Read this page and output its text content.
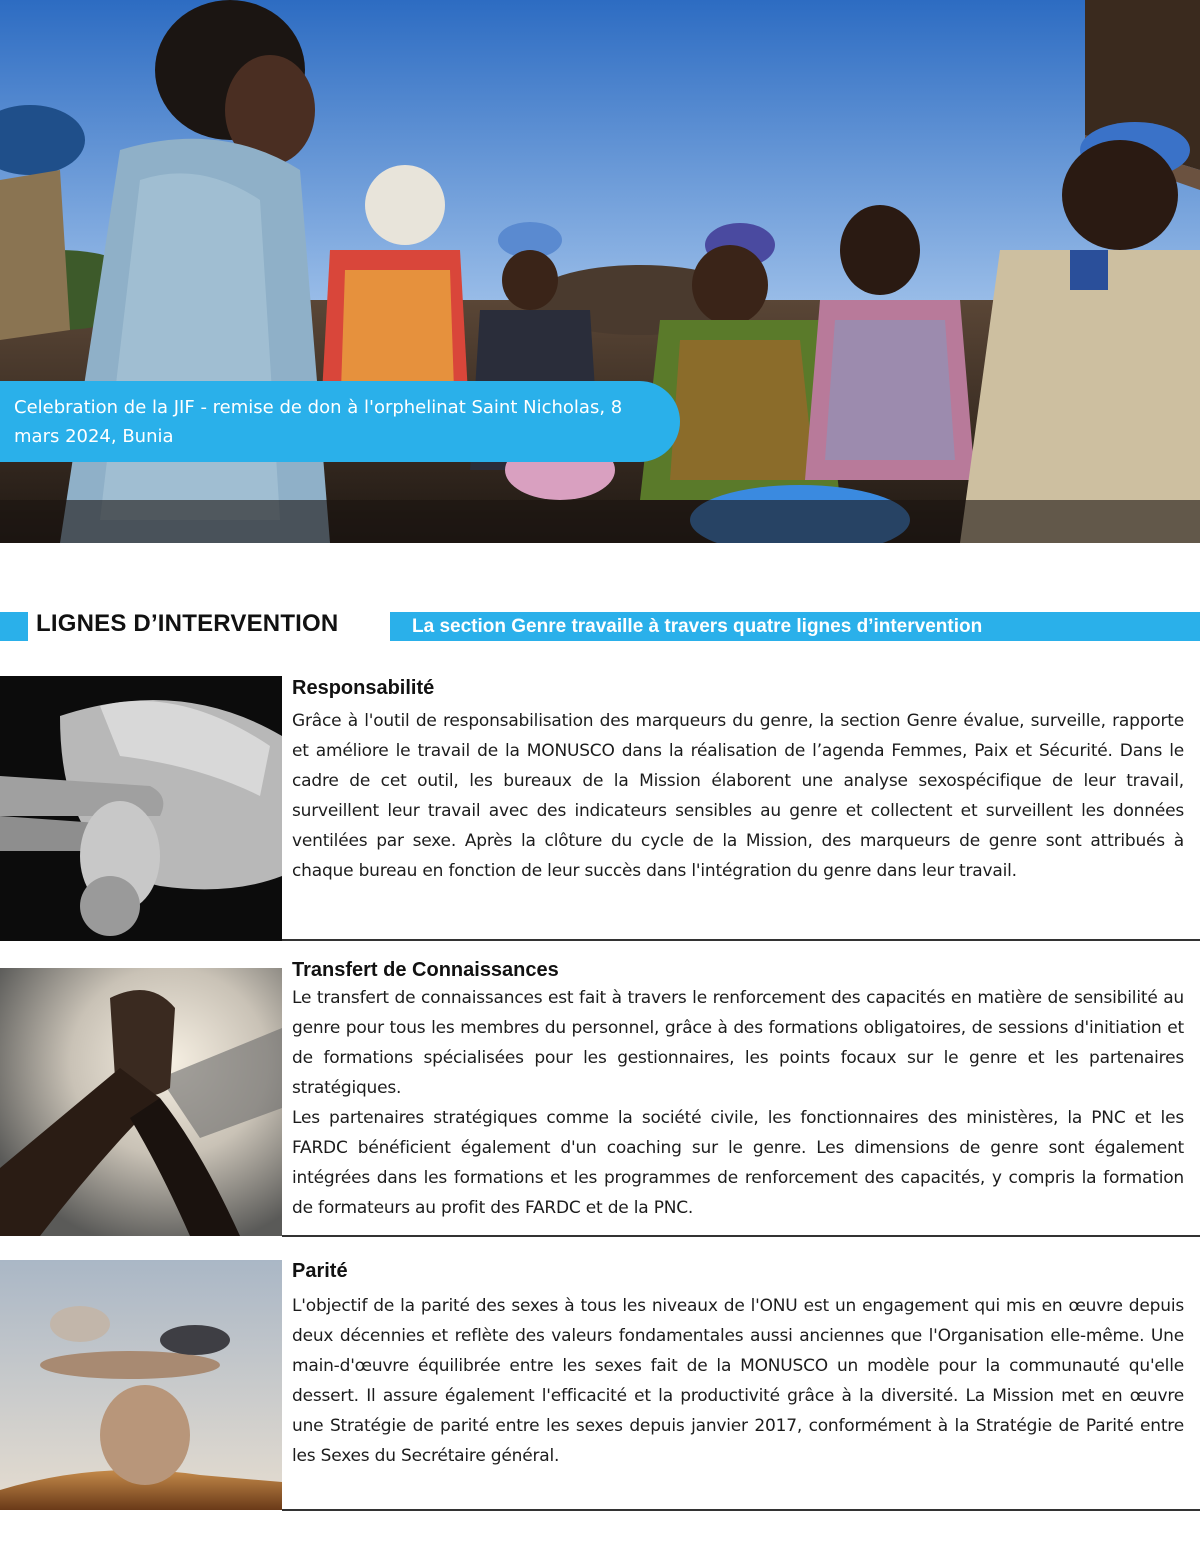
Celebration de la JIF - remise de don à l'orphelinat Saint Nicholas, 8 mars 2024, Bunia

LIGNES D’INTERVENTION	La section Genre travaille à travers quatre lignes d’intervention
Responsabilité

Grâce à l'outil de responsabilisation des marqueurs du genre, la section Genre évalue, surveille, rapporte et améliore le travail de la MONUSCO dans la réalisation de l’agenda Femmes, Paix et Sécurité. Dans le cadre de cet outil, les bureaux de la Mission élaborent une analyse sexospécifique de leur travail, surveillent leur travail avec des indicateurs sensibles au genre et collectent et surveillent les données ventilées par sexe. Après la clôture du cycle de la Mission, des marqueurs de genre sont attribués à chaque bureau en fonction de leur succès dans l'intégration du genre dans leur travail.

Transfert de Connaissances

Le transfert de connaissances est fait à travers le renforcement des capacités en matière de sensibilité au genre pour tous les membres du personnel, grâce à des formations obligatoires, de sessions d'initiation et de formations spécialisées pour les gestionnaires, les points focaux sur le genre et les partenaires stratégiques.

Les partenaires stratégiques comme la société civile, les fonctionnaires des ministères, la PNC et les FARDC bénéficient également d'un coaching sur le genre. Les dimensions de genre sont également intégrées dans les formations et les programmes de renforcement des capacités, y compris la formation de formateurs au profit des FARDC et de la PNC.

Parité

L'objectif de la parité des sexes à tous les niveaux de l'ONU est un engagement qui mis en œuvre depuis deux décennies et reflète des valeurs fondamentales aussi anciennes que l'Organisation elle-même. Une main-d'œuvre équilibrée entre les sexes fait de la MONUSCO un modèle pour la communauté qu'elle dessert. Il assure également l'efficacité et la productivité grâce à la diversité. La Mission met en œuvre une Stratégie de parité entre les sexes depuis janvier 2017, conformément à la Stratégie de Parité entre les Sexes du Secrétaire général.
